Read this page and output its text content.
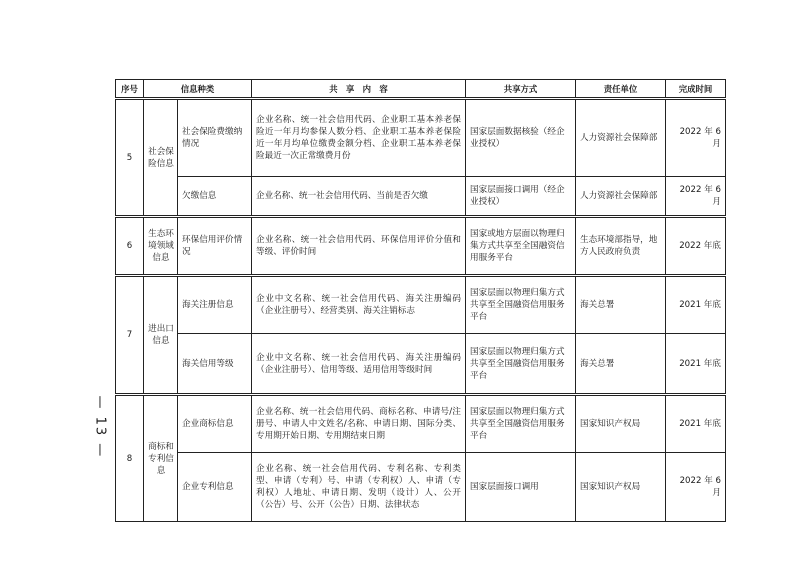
— 13 —
序号	信息种类		共　享　内　容	共享方式	责任单位	完成时间
5	社会保险信息	社会保险费缴纳情况	企业名称、统一社会信用代码、企业职工基本养老保险近一年月均参保人数分档、企业职工基本养老保险近一年月均单位缴费金额分档、企业职工基本养老保险最近一次正常缴费月份	国家层面数据核验（经企业授权）	人力资源社会保障部	2022 年 6 月
		欠缴信息	企业名称、统一社会信用代码、当前是否欠缴	国家层面接口调用（经企业授权）	人力资源社会保障部	2022 年 6 月
6	生态环境领域信息	环保信用评价情况	企业名称、统一社会信用代码、环保信用评价分值和等级、评价时间	国家或地方层面以物理归集方式共享至全国融资信用服务平台	生态环境部指导，地方人民政府负责	2022 年底
7	进出口信息	海关注册信息	企业中文名称、统一社会信用代码、海关注册编码（企业注册号）、经营类别、海关注销标志	国家层面以物理归集方式共享至全国融资信用服务平台	海关总署	2021 年底
		海关信用等级	企业中文名称、统一社会信用代码、海关注册编码（企业注册号）、信用等级、适用信用等级时间	国家层面以物理归集方式共享至全国融资信用服务平台	海关总署	2021 年底
8	商标和专利信息	企业商标信息	企业名称、统一社会信用代码、商标名称、申请号/注册号、申请人中文姓名/名称、申请日期、国际分类、专用期开始日期、专用期结束日期	国家层面以物理归集方式共享至全国融资信用服务平台	国家知识产权局	2021 年底
		企业专利信息	企业名称、统一社会信用代码、专利名称、专利类型、申请（专利）号、申请（专利权）人、申请（专利权）人地址、申请日期、发明（设计）人、公开（公告）号、公开（公告）日期、法律状态	国家层面接口调用	国家知识产权局	2022 年 6 月
